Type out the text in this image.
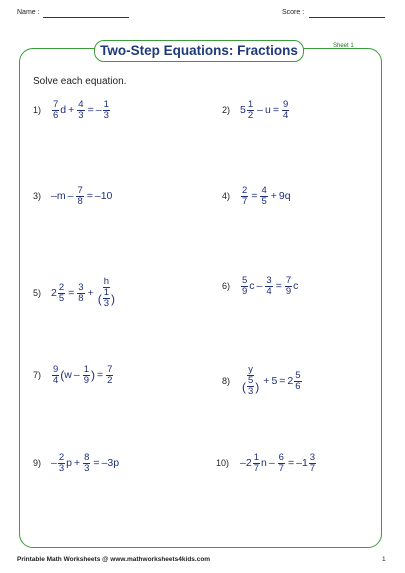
Name :	Score :
Two-Step Equations: Fractions	Sheet 1
Solve each equation.
1)	$\frac{7}{6}$ $d + \frac{4}{3}$ = – $\frac{1}{3}$	2) $5 \frac{1}{2} - u = \frac{9}{4}$
3) $-m - \frac{7}{8} = -10$	4)	$\frac{2}{7} = \frac{4}{5} + 9q$
5) $2 \frac{2}{5} = \frac{3}{8} + \frac{h}{( \frac{1}{3} )}$	6)	$\frac{5}{9}$ $c - \frac{3}{4} = \frac{7}{9}$ c
7)	$\frac{9}{4}$ ( w – $\frac{1}{9}$ ) = $\frac{7}{2}$	8)	$\frac{y}{( \frac{5}{3} )} + 5 = 2 \frac{5}{6}$
$9) - \frac{2}{3}$ $p + \frac{8}{3} = -3p$	10)	$-2 \frac{1}{7}$ $n - \frac{6}{7} = -1 \frac{3}{7}$
Printable Math Worksheets @ www.mathworksheets4kids.com	1
